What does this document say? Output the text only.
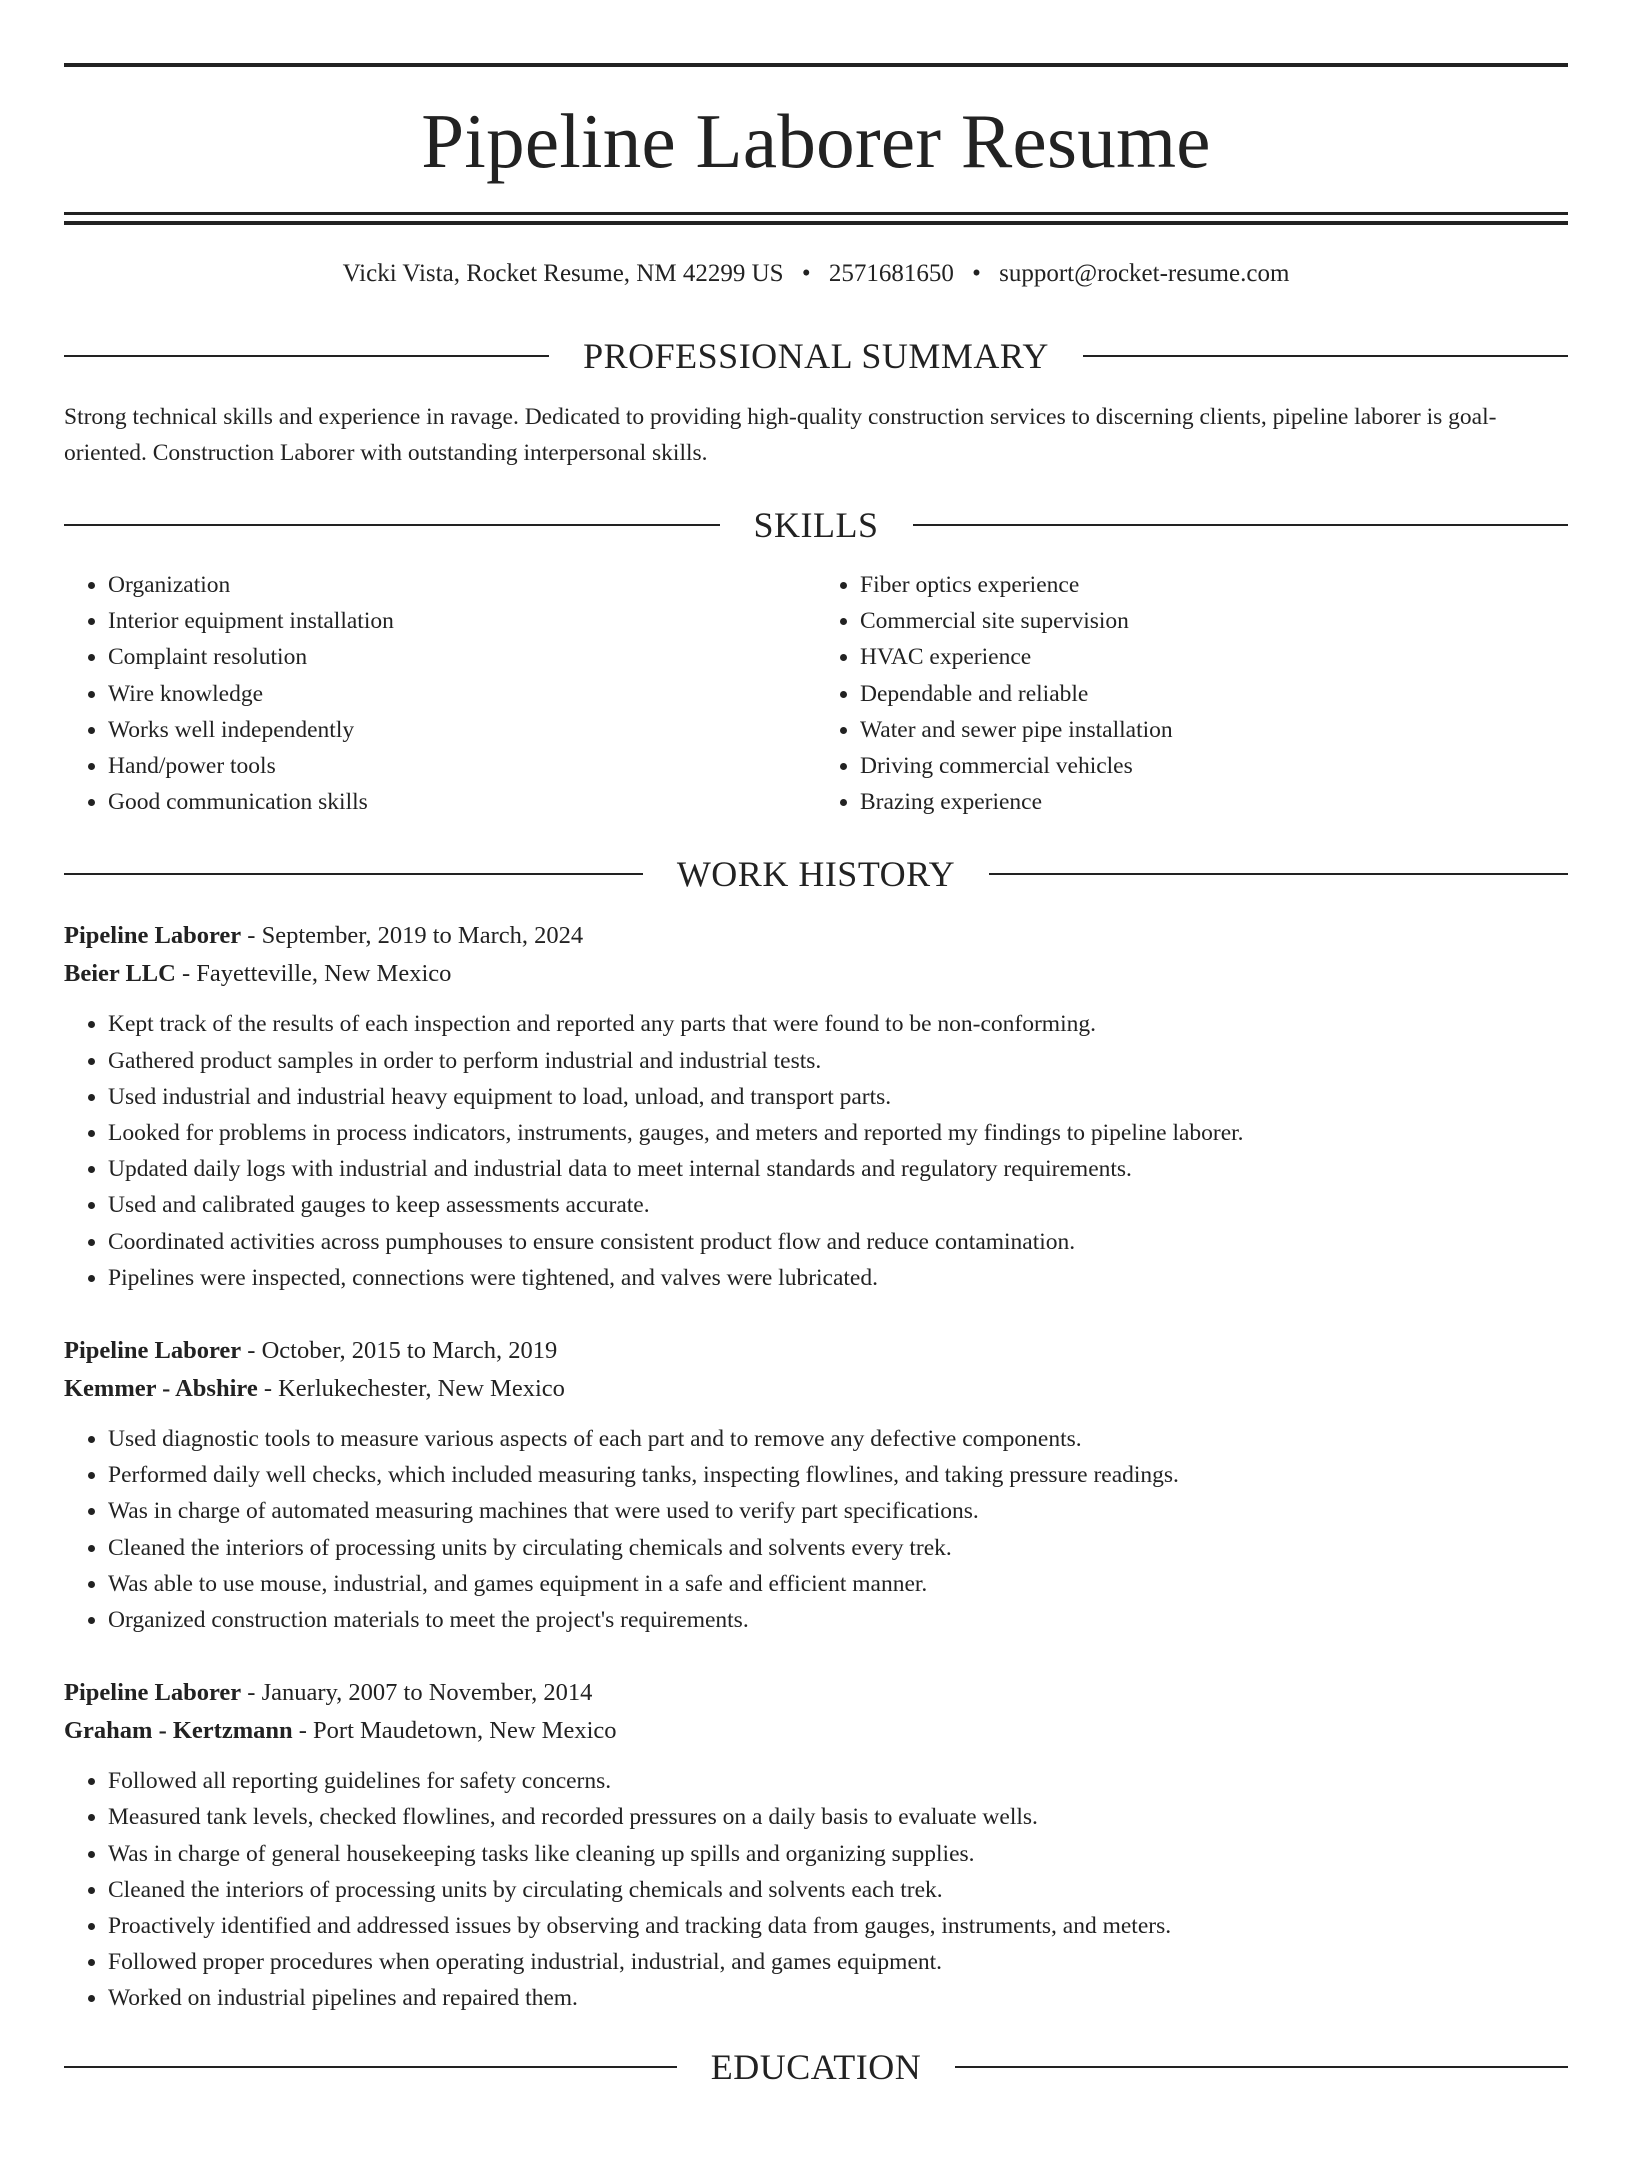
Pipeline Laborer Resume
Vicki Vista, Rocket Resume, NM 42299 US • 2571681650 • support@rocket-resume.com
PROFESSIONAL SUMMARY

Strong technical skills and experience in ravage. Dedicated to providing high-quality construction services to discerning clients, pipeline laborer is goal-oriented. Construction Laborer with outstanding interpersonal skills.

SKILLS
• Organization
• Interior equipment installation
• Complaint resolution
• Wire knowledge
• Works well independently
• Hand/power tools
• Good communication skills
• Fiber optics experience
• Commercial site supervision
• HVAC experience
• Dependable and reliable
• Water and sewer pipe installation
• Driving commercial vehicles
• Brazing experience
WORK HISTORY
Pipeline Laborer - September, 2019 to March, 2024
Beier LLC - Fayetteville, New Mexico
• Kept track of the results of each inspection and reported any parts that were found to be non-conforming.
• Gathered product samples in order to perform industrial and industrial tests.
• Used industrial and industrial heavy equipment to load, unload, and transport parts.
• Looked for problems in process indicators, instruments, gauges, and meters and reported my findings to pipeline laborer.
• Updated daily logs with industrial and industrial data to meet internal standards and regulatory requirements.
• Used and calibrated gauges to keep assessments accurate.
• Coordinated activities across pumphouses to ensure consistent product flow and reduce contamination.
• Pipelines were inspected, connections were tightened, and valves were lubricated.
Pipeline Laborer - October, 2015 to March, 2019
Kemmer - Abshire - Kerlukechester, New Mexico
• Used diagnostic tools to measure various aspects of each part and to remove any defective components.
• Performed daily well checks, which included measuring tanks, inspecting flowlines, and taking pressure readings.
• Was in charge of automated measuring machines that were used to verify part specifications.
• Cleaned the interiors of processing units by circulating chemicals and solvents every trek.
• Was able to use mouse, industrial, and games equipment in a safe and efficient manner.
• Organized construction materials to meet the project's requirements.
Pipeline Laborer - January, 2007 to November, 2014
Graham - Kertzmann - Port Maudetown, New Mexico
• Followed all reporting guidelines for safety concerns.
• Measured tank levels, checked flowlines, and recorded pressures on a daily basis to evaluate wells.
• Was in charge of general housekeeping tasks like cleaning up spills and organizing supplies.
• Cleaned the interiors of processing units by circulating chemicals and solvents each trek.
• Proactively identified and addressed issues by observing and tracking data from gauges, instruments, and meters.
• Followed proper procedures when operating industrial, industrial, and games equipment.
• Worked on industrial pipelines and repaired them.
EDUCATION
